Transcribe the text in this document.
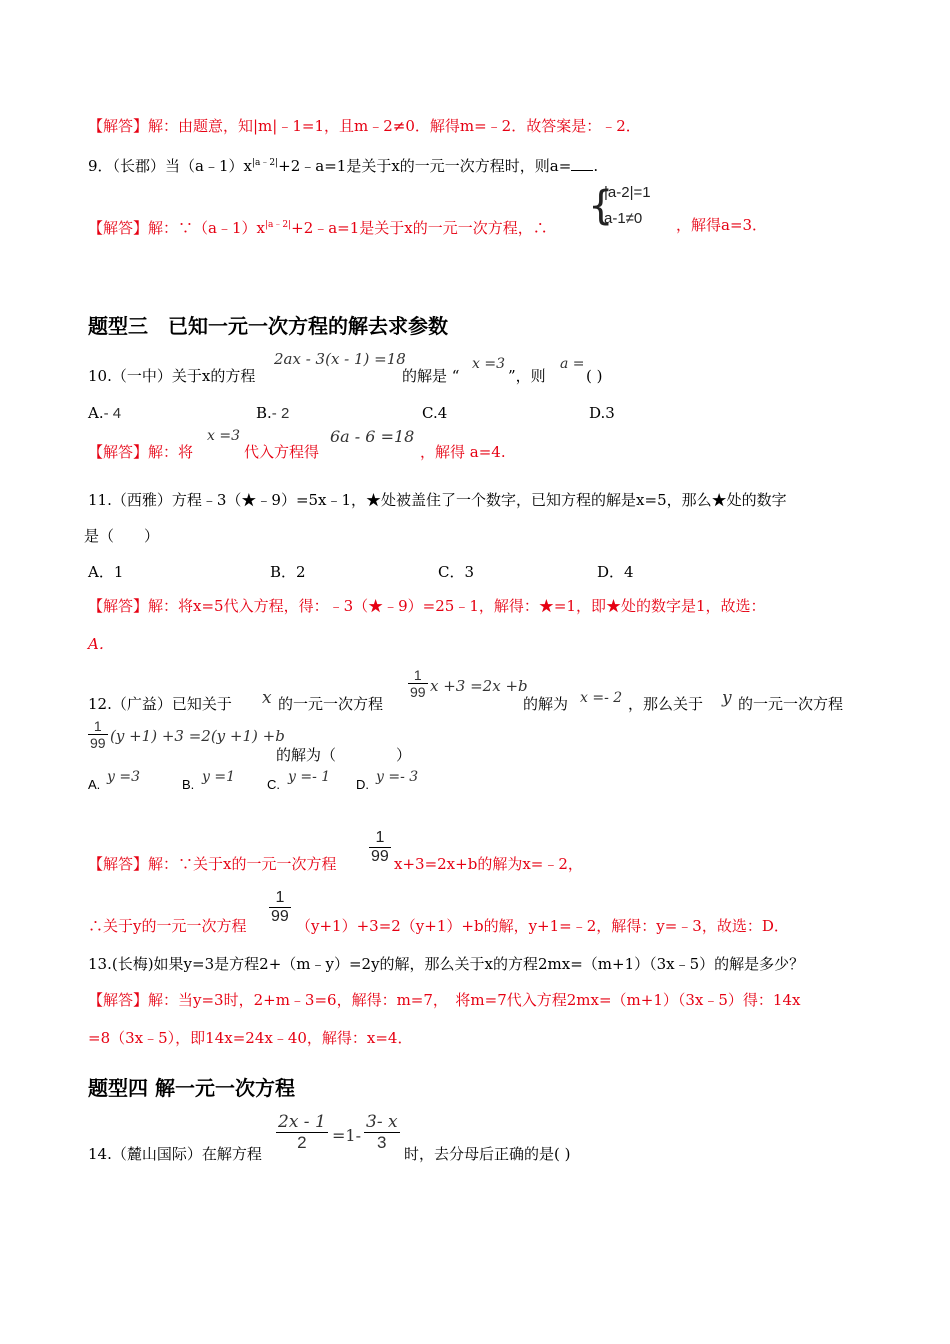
【解答】解：由题意，知|m|﹣1=1，且m﹣2≠0．解得m=﹣2．故答案是：﹣2．
9．（长郡）当$(a﹣1)x^{|a﹣2|}+2﹣a=1$是关于x的一元一次方程时，则a= .
【解答】解：$\because(a﹣1)x^{|a﹣2|}+2﹣a=1$是关于x的一元一次方程，∴ {
|a-2|=1
a-1≠0 ，解得a=3．
题型三　已知一元一次方程的解去求参数
10.（一中）关于x的方程
2ax - 3(x - 1) =18
的解是 “
x =3
”，则
a =
( )
A.- 4	B.- 2	C.4	D.3
【解答】解：将
x =3
代入方程得
6a - 6 =18
，解得 a=4.
11.（西雅）方程﹣3（★﹣9）=5x﹣1，★处被盖住了一个数字，已知方程的解是x=5，那么★处的数字
是（　　）
A．1	B．2	C．3	D．4
【解答】解：将x=5代入方程，得：﹣3（★﹣9）=25﹣1，解得：★=1，即★处的数字是1，故选：
A．
12.（广益）已知关于 x 的一元一次方程
$\frac{1}{99}$ x +3 =2x +b
的解为 x =- 2 ，那么关于 y 的一元一次方程
$\frac{1}{99} (y +1) +3 =2(y +1) +b$
的解为（　　　　）
A. y =3	B. y =1 C. y =- 1 D. y =- 3
【解答】解：∵关于x的一元一次方程 $\frac{1}{99} x+3=2x+b$的解为x=﹣2，
∴关于y的一元一次方程 $\frac{1}{99} (y+1)+3=2(y+1)+b$的解，y+1=﹣2，解得：y=﹣3，故选：D．
13.(长梅)如果y=3是方程2+（m﹣y）=2y的解，那么关于x的方程2mx=（m+1）（3x﹣5）的解是多少？
【解答】解：当y=3时，2+m﹣3=6，解得：m=7，　将m=7代入方程2mx=（m+1）（3x﹣5）得：14x
=8（3x﹣5），即14x=24x﹣40，解得：x=4．
题型四 解一元一次方程
14.（麓山国际）在解方程
$\frac{2x - 1}{2} =1- \frac{3- x}{3}$
时，去分母后正确的是( )
